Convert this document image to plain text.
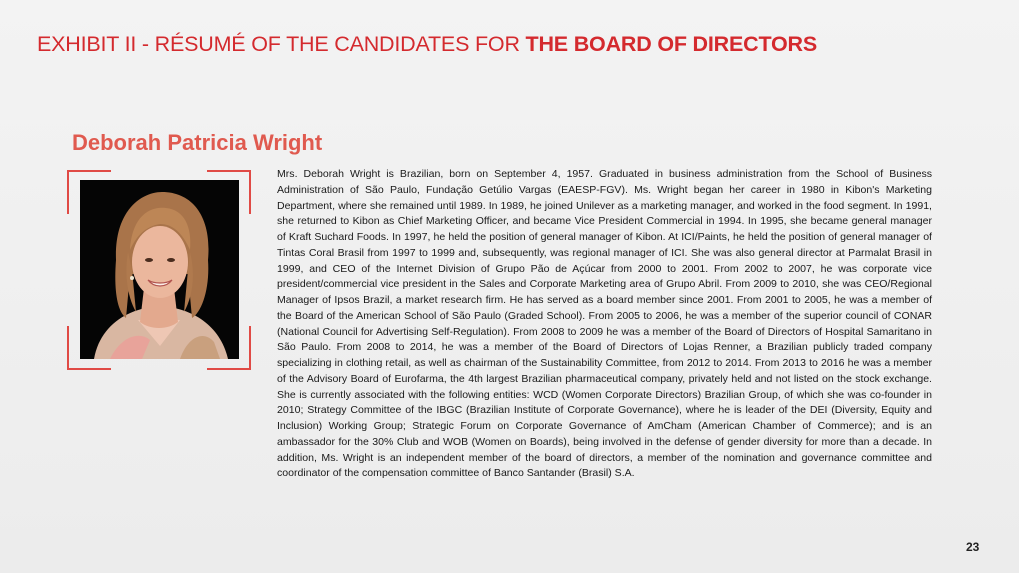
EXHIBIT II - RÉSUMÉ OF THE CANDIDATES FOR THE BOARD OF DIRECTORS
Deborah Patricia Wright

Mrs. Deborah Wright is Brazilian, born on September 4, 1957. Graduated in business administration from the School of Business Administration of São Paulo, Fundação Getúlio Vargas (EAESP-FGV). Ms. Wright began her career in 1980 in Kibon's Marketing Department, where she remained until 1989. In 1989, he joined Unilever as a marketing manager, and worked in the food segment. In 1991, she returned to Kibon as Chief Marketing Officer, and became Vice President Commercial in 1994. In 1995, she became general manager of Kraft Suchard Foods. In 1997, he held the position of general manager of Kibon. At ICI/Paints, he held the position of general manager of Tintas Coral Brasil from 1997 to 1999 and, subsequently, was regional manager of ICI. She was also general director at Parmalat Brasil in 1999, and CEO of the Internet Division of Grupo Pão de Açúcar from 2000 to 2001. From 2002 to 2007, he was corporate vice president/commercial vice president in the Sales and Corporate Marketing area of Grupo Abril. From 2009 to 2010, she was CEO/Regional Manager of Ipsos Brazil, a market research firm. He has served as a board member since 2001. From 2001 to 2005, he was a member of the Board of the American School of São Paulo (Graded School). From 2005 to 2006, he was a member of the superior council of CONAR (National Council for Advertising Self-Regulation). From 2008 to 2009 he was a member of the Board of Directors of Hospital Samaritano in São Paulo. From 2008 to 2014, he was a member of the Board of Directors of Lojas Renner, a Brazilian publicly traded company specializing in clothing retail, as well as chairman of the Sustainability Committee, from 2012 to 2014. From 2013 to 2016 he was a member of the Advisory Board of Eurofarma, the 4th largest Brazilian pharmaceutical company, privately held and not listed on the stock exchange. She is currently associated with the following entities: WCD (Women Corporate Directors) Brazilian Group, of which she was co-founder in 2010; Strategy Committee of the IBGC (Brazilian Institute of Corporate Governance), where he is leader of the DEI (Diversity, Equity and Inclusion) Working Group; Strategic Forum on Corporate Governance of AmCham (American Chamber of Commerce); and is an ambassador for the 30% Club and WOB (Women on Boards), being involved in the defense of gender diversity for more than a decade. In addition, Ms. Wright is an independent member of the board of directors, a member of the nomination and governance committee and coordinator of the compensation committee of Banco Santander (Brasil) S.A.

23
